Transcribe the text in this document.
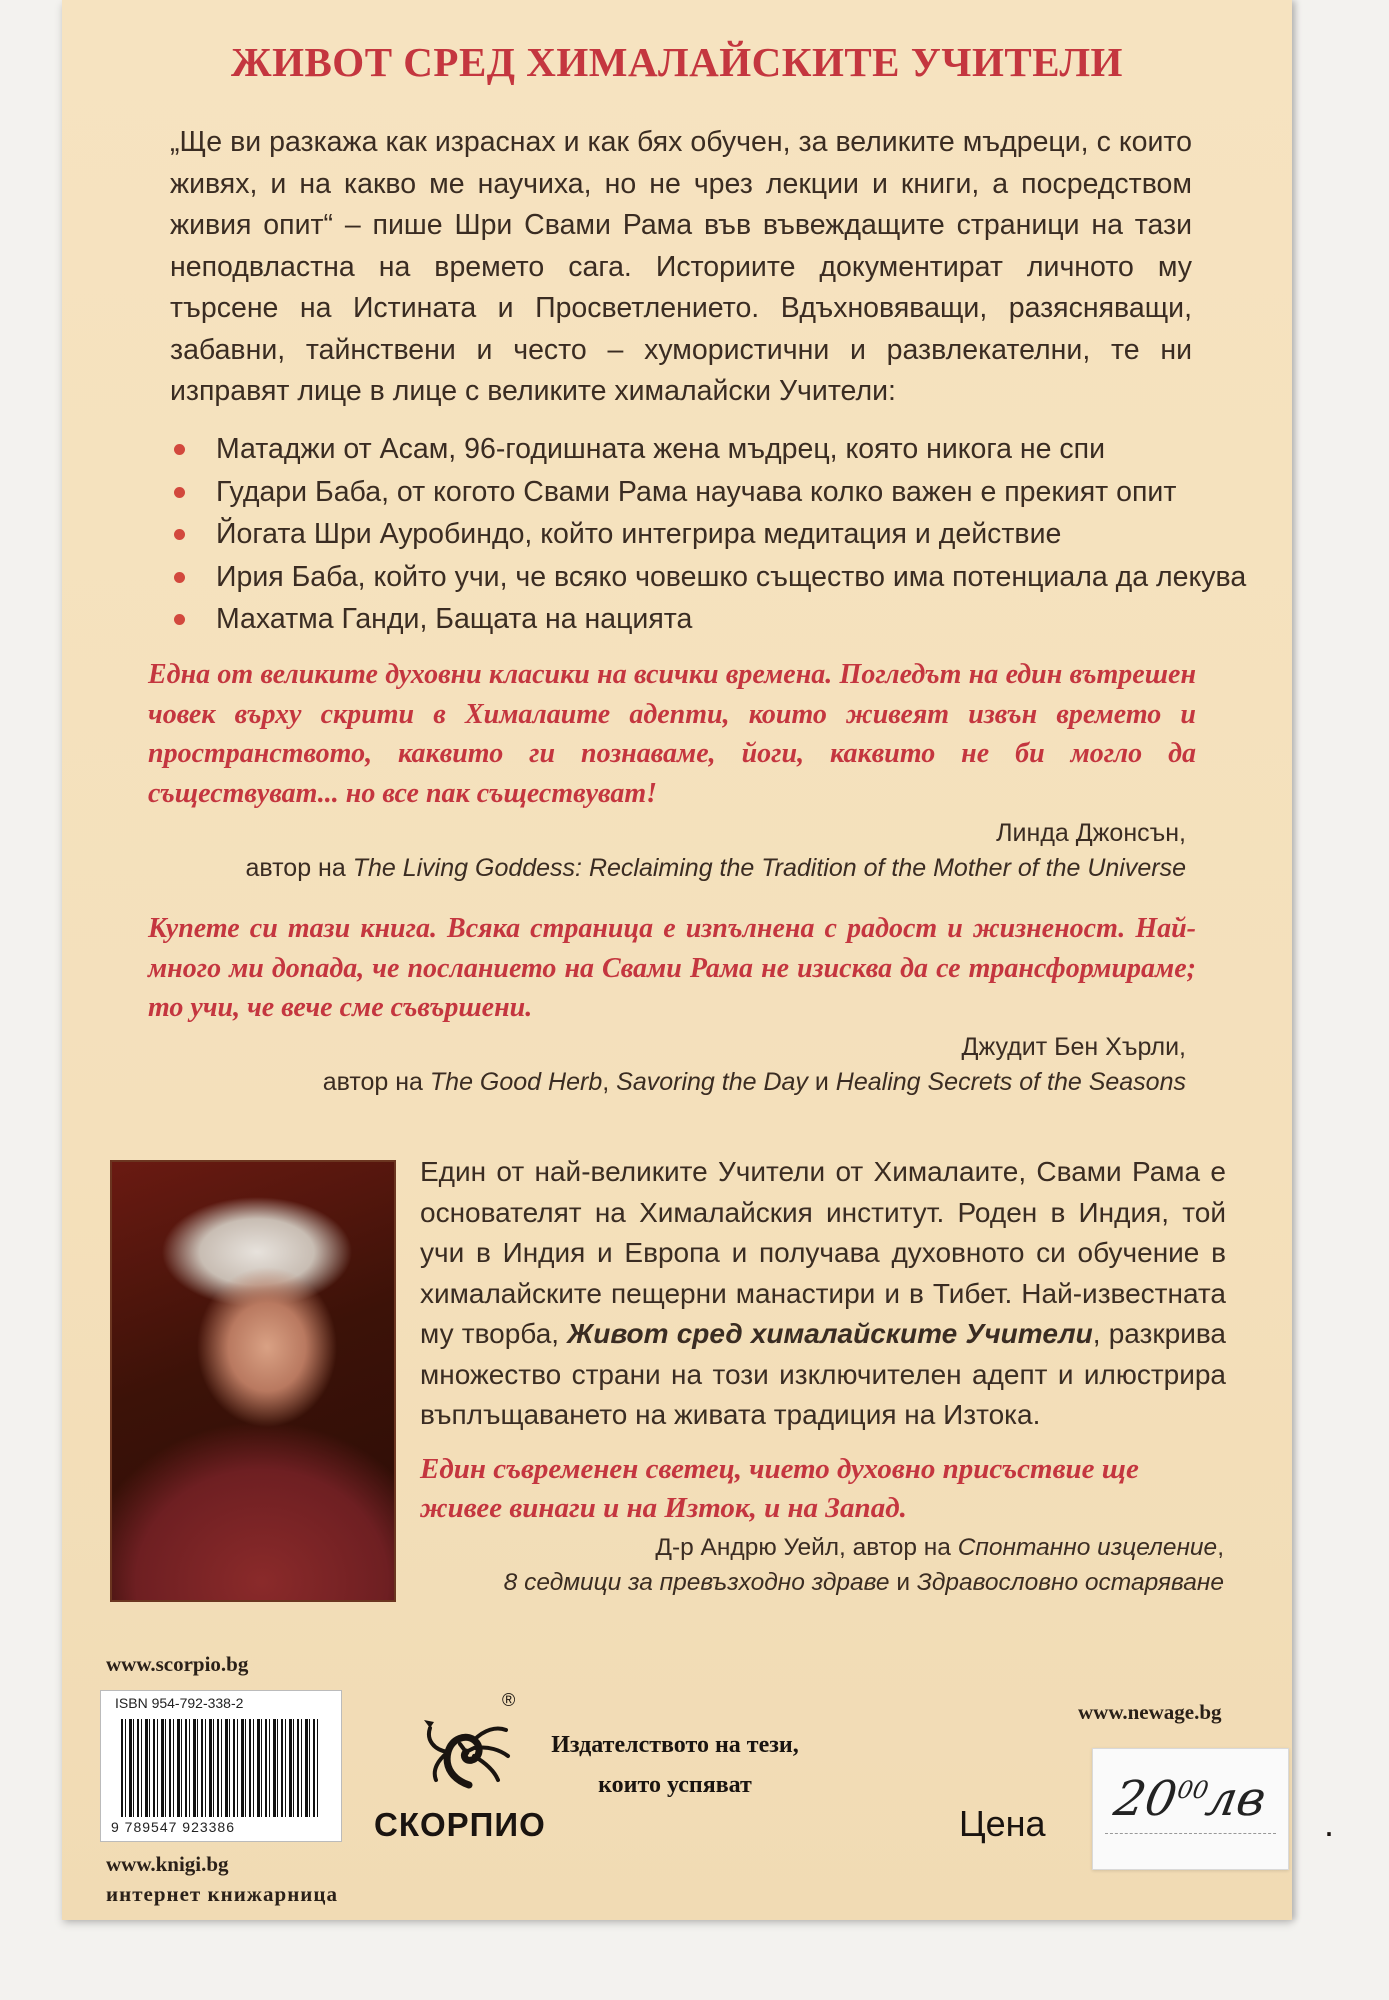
ЖИВОТ СРЕД ХИМАЛАЙСКИТЕ УЧИТЕЛИ

„Ще ви разкажа как израснах и как бях обучен, за великите мъдреци, с които живях, и на какво ме научиха, но не чрез лекции и книги, а посредством живия опит“ – пише Шри Свами Рама във въвеждащите страници на тази неподвластна на времето сага. Историите документират личното му търсене на Истината и Просветлението. Вдъхновяващи, разясняващи, забавни, тайнствени и често – хумористични и развлекателни, те ни изправят лице в лице с великите хималайски Учители:

Матаджи от Асам, 96-годишната жена мъдрец, която никога не спи
Гудари Баба, от когото Свами Рама научава колко важен е прекият опит
Йогата Шри Ауробиндо, който интегрира медитация и действие
Ирия Баба, който учи, че всяко човешко същество има потенциала да лекува
Махатма Ганди, Бащата на нацията

Една от великите духовни класики на всички времена. Погледът на един вътрешен човек върху скрити в Хималаите адепти, които живеят извън времето и пространството, каквито ги познаваме, йоги, каквито не би могло да съществуват... но все пак съществуват!

Линда Джонсън,
автор на The Living Goddess: Reclaiming the Tradition of the Mother of the Universe

Купете си тази книга. Всяка страница е изпълнена с радост и жизненост. Най-много ми допада, че посланието на Свами Рама не изисква да се трансформираме; то учи, че вече сме съвършени.

Джудит Бен Хърли,
автор на The Good Herb, Savoring the Day и Healing Secrets of the Seasons

Един от най-великите Учители от Хималаите, Свами Рама е основателят на Хималайския институт. Роден в Индия, той учи в Индия и Европа и получава духовното си обучение в хималайските пещерни манастири и в Тибет. Най-известната му творба, Живот сред хималайските Учители, разкрива множество страни на този изключителен адепт и илюстрира въплъщаването на живата традиция на Изтока.

Един съвременен светец, чието духовно присъствие ще живее винаги и на Изток, и на Запад.

Д-р Андрю Уейл, автор на Спонтанно изцеление,
8 седмици за превъзходно здраве и Здравословно остаряване
www.scorpio.bg
ISBN 954-792-338-2
9 789547 923386
www.knigi.bg
интернет книжарница
®
СКОРПИО
Издателството на тези,
които успяват
www.newage.bg
Цена $20^{00}лв$ .
